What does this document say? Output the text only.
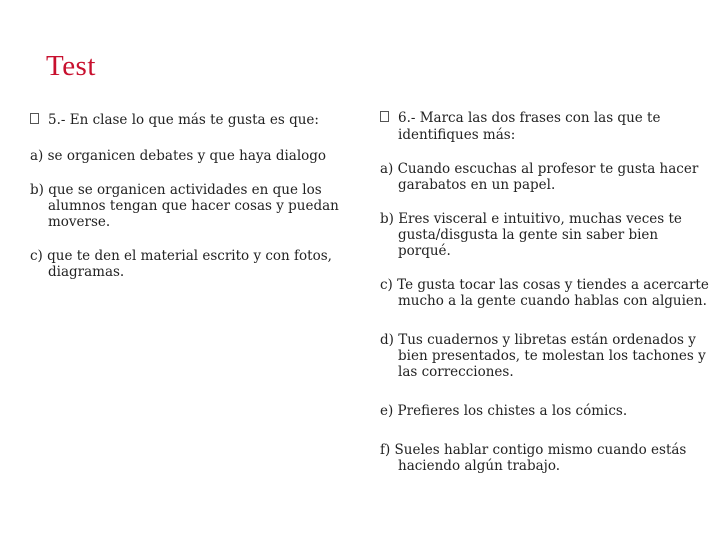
Test
5.- En clase lo que más te gusta es que:
a) se organicen debates y que haya dialogo
b) que se organicen actividades en que los alumnos tengan que hacer cosas y puedan moverse.
c) que te den el material escrito y con fotos, diagramas.
6.- Marca las dos frases con las que te identifiques más:
a) Cuando escuchas al profesor te gusta hacer garabatos en un papel.
b) Eres visceral e intuitivo, muchas veces te gusta/disgusta la gente sin saber bien porqué.
c) Te gusta tocar las cosas y tiendes a acercarte mucho a la gente cuando hablas con alguien.
d) Tus cuadernos y libretas están ordenados y bien presentados, te molestan los tachones y las correcciones.
e) Prefieres los chistes a los cómics.
f) Sueles hablar contigo mismo cuando estás haciendo algún trabajo.
